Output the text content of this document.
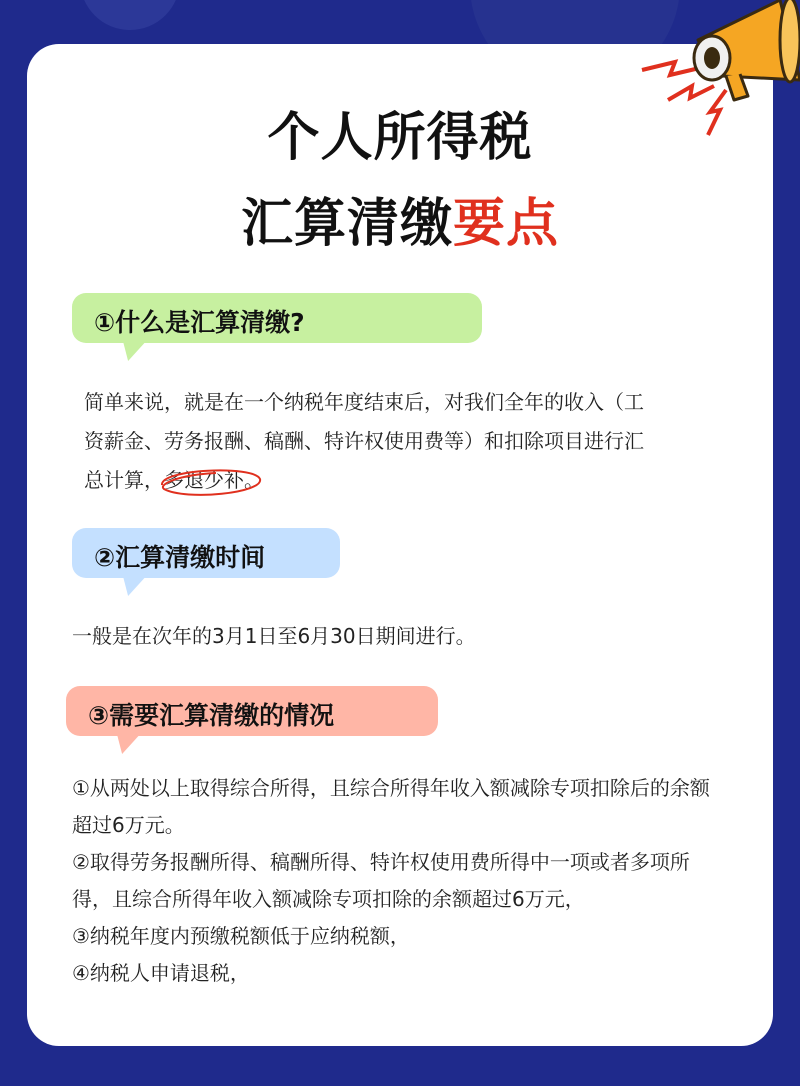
个人所得税
汇算清缴要点
①什么是汇算清缴?
简单来说，就是在一个纳税年度结束后，对我们全年的收入（工
资薪金、劳务报酬、稿酬、特许权使用费等）和扣除项目进行汇
总计算，多退少补
。
②汇算清缴时间
一般是在次年的3月1日至6月30日期间进行。
③需要汇算清缴的情况
①从两处以上取得综合所得，且综合所得年收入额减除专项扣除后的余额
超过6万元。
②取得劳务报酬所得、稿酬所得、特许权使用费所得中一项或者多项所
得，且综合所得年收入额减除专项扣除的余额超过6万元，
③纳税年度内预缴税额低于应纳税额，
④纳税人申请退税，
